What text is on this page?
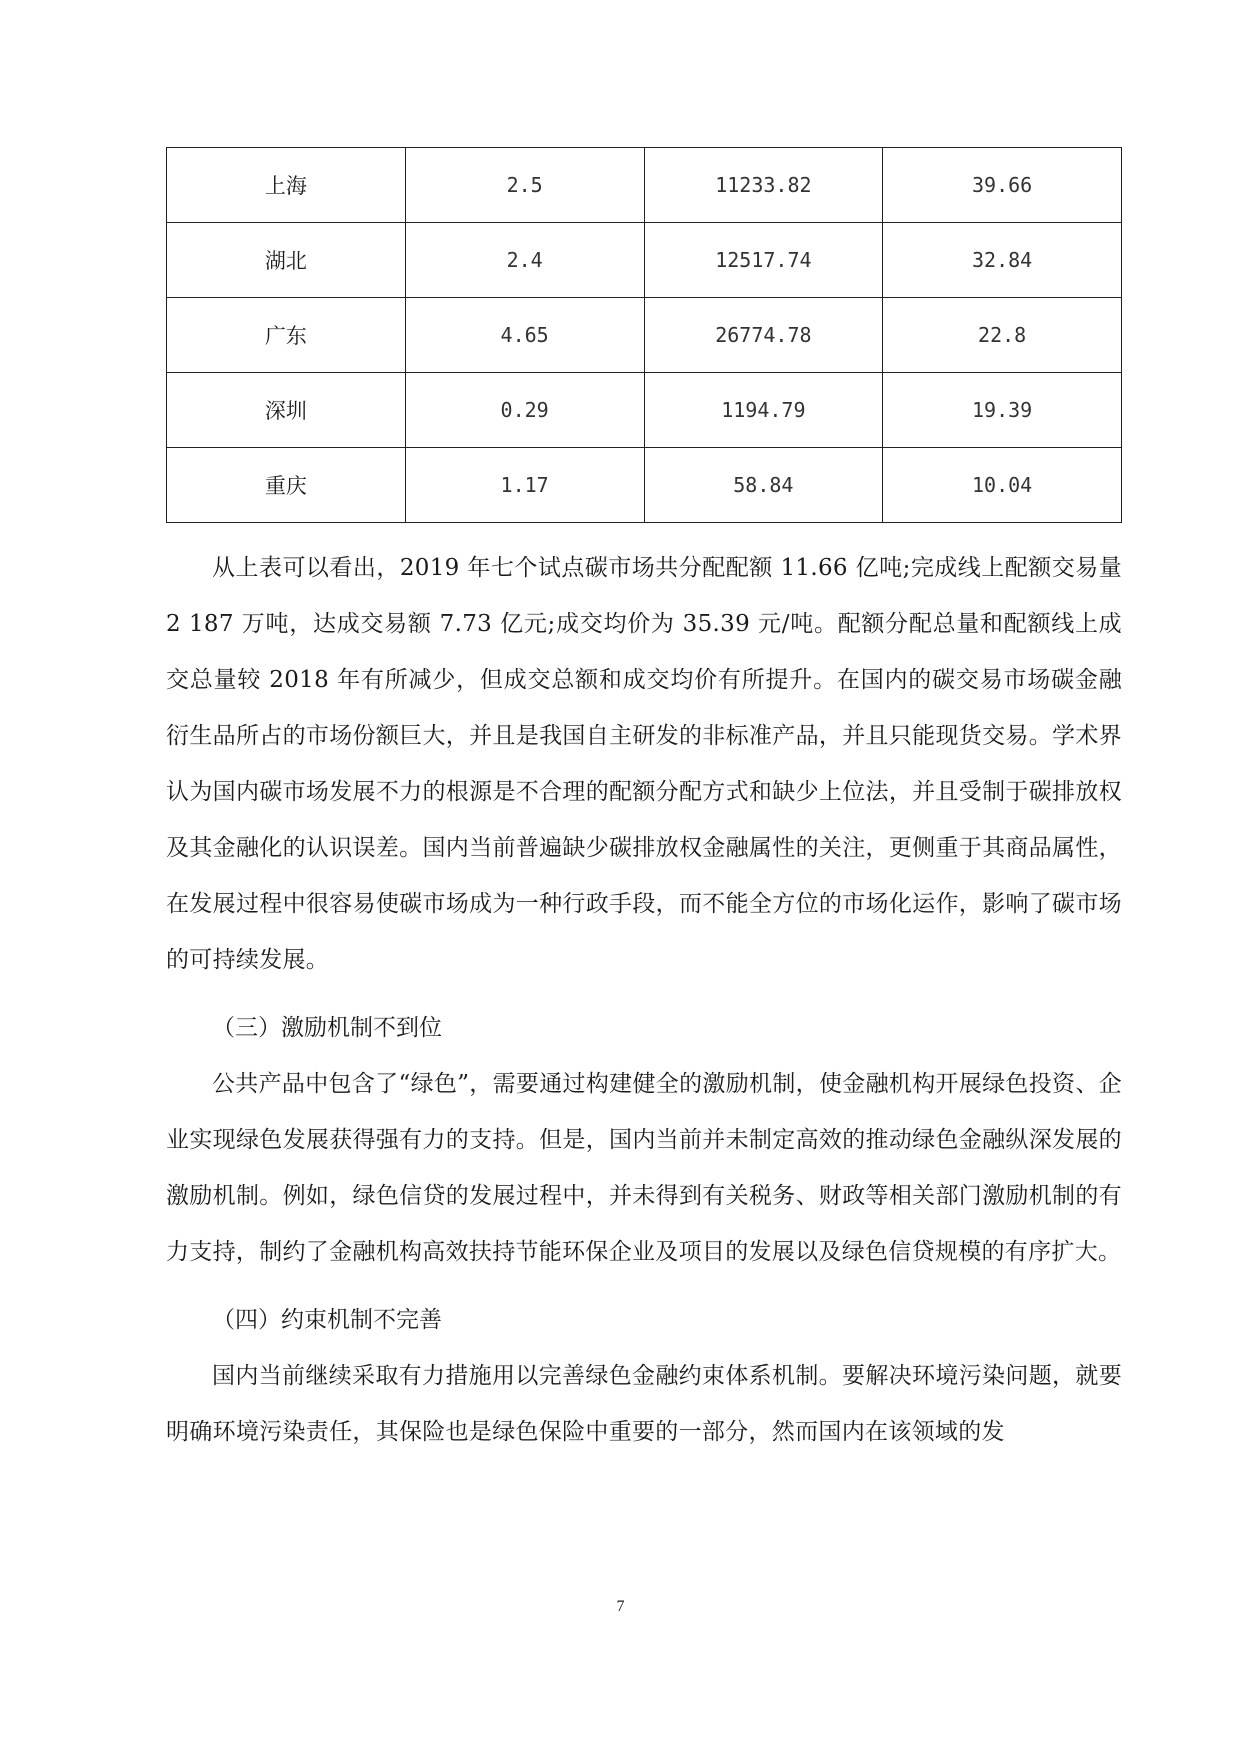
上海	2.5	11233.82	39.66
湖北	2.4	12517.74	32.84
广东	4.65	26774.78	22.8
深圳	0.29	1194.79	19.39
重庆	1.17	58.84	10.04

从上表可以看出，2019 年七个试点碳市场共分配配额 11.66 亿吨;完成线上配额交易量2 187 万吨，达成交易额 7.73 亿元;成交均价为 35.39 元/吨。配额分配总量和配额线上成交总量较 2018 年有所减少，但成交总额和成交均价有所提升。在国内的碳交易市场碳金融衍生品所占的市场份额巨大，并且是我国自主研发的非标准产品，并且只能现货交易。学术界认为国内碳市场发展不力的根源是不合理的配额分配方式和缺少上位法，并且受制于碳排放权及其金融化的认识误差。国内当前普遍缺少碳排放权金融属性的关注，更侧重于其商品属性，在发展过程中很容易使碳市场成为一种行政手段，而不能全方位的市场化运作，影响了碳市场的可持续发展。

（三）激励机制不到位

公共产品中包含了“绿色”，需要通过构建健全的激励机制，使金融机构开展绿色投资、企业实现绿色发展获得强有力的支持。但是，国内当前并未制定高效的推动绿色金融纵深发展的激励机制。例如，绿色信贷的发展过程中，并未得到有关税务、财政等相关部门激励机制的有力支持，制约了金融机构高效扶持节能环保企业及项目的发展以及绿色信贷规模的有序扩大。

（四）约束机制不完善

国内当前继续采取有力措施用以完善绿色金融约束体系机制。要解决环境污染问题，就要明确环境污染责任，其保险也是绿色保险中重要的一部分，然而国内在该领域的发

7
